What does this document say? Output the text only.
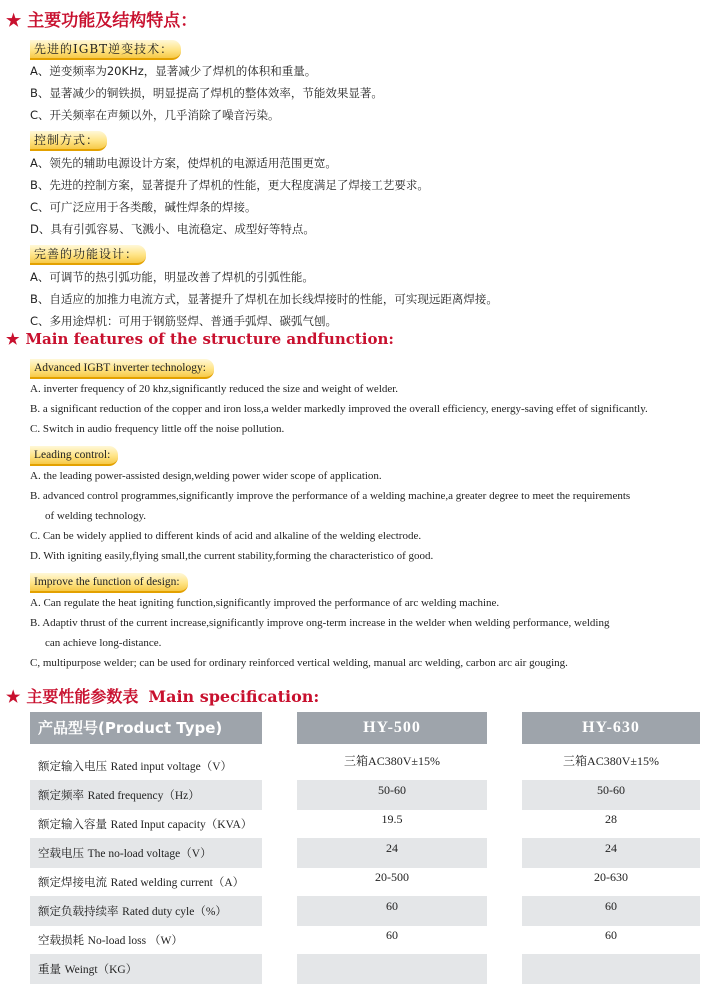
★ 主要功能及结构特点：
先进的IGBT逆变技术：
A、逆变频率为20KHz，显著减少了焊机的体积和重量。
B、显著减少的铜铁损，明显提高了焊机的整体效率，节能效果显著。
C、开关频率在声频以外，几乎消除了噪音污染。
控制方式：
A、领先的辅助电源设计方案，使焊机的电源适用范围更宽。
B、先进的控制方案，显著提升了焊机的性能，更大程度满足了焊接工艺要求。
C、可广泛应用于各类酸，碱性焊条的焊接。
D、具有引弧容易、飞溅小、电流稳定、成型好等特点。
完善的功能设计：
A、可调节的热引弧功能，明显改善了焊机的引弧性能。
B、自适应的加推力电流方式，显著提升了焊机在加长线焊接时的性能，可实现远距离焊接。
C、多用途焊机：可用于钢筋竖焊、普通手弧焊、碳弧气刨。
★ Main features of the structure andfunction:
Advanced IGBT inverter technology:
A. inverter frequency of 20 khz,significantly reduced the size and weight of welder.
B. a significant reduction of the copper and iron loss,a welder markedly improved the overall efficiency, energy-saving effet of significantly.
C. Switch in audio frequency little off the noise pollution.
Leading control:
A. the leading power-assisted design,welding power wider scope of application.
B. advanced control programmes,significantly improve the performance of a welding machine,a greater degree to meet the requirements
of welding technology.
C. Can be widely applied to different kinds of acid and alkaline of the welding electrode.
D. With igniting easily,flying small,the current stability,forming the characteristico of good.
Improve the function of design:
A. Can regulate the heat igniting function,significantly improved the performance of arc welding machine.
B. Adaptiv thrust of the current increase,significantly improve ong-term increase in the welder when welding performance, welding
can achieve long-distance.
C, multipurpose welder; can be used for ordinary reinforced vertical welding, manual arc welding, carbon arc air gouging.
★ 主要性能参数表 Main specification:
产品型号(Product Type)	HY-500	HY-630
额定输入电压 Rated input voltage（V）	三箱AC380V±15%	三箱AC380V±15%
额定频率 Rated frequency（Hz）	50-60	50-60
额定输入容量 Rated Input capacity（KVA）	19.5	28
空载电压 The no-load voltage（V）	24	24
额定焊接电流 Rated welding current（A）	20-500	20-630
额定负载持续率 Rated duty cyle（%）	60	60
空载损耗 No-load loss （W）	60	60
重量 Weingt（KG）
